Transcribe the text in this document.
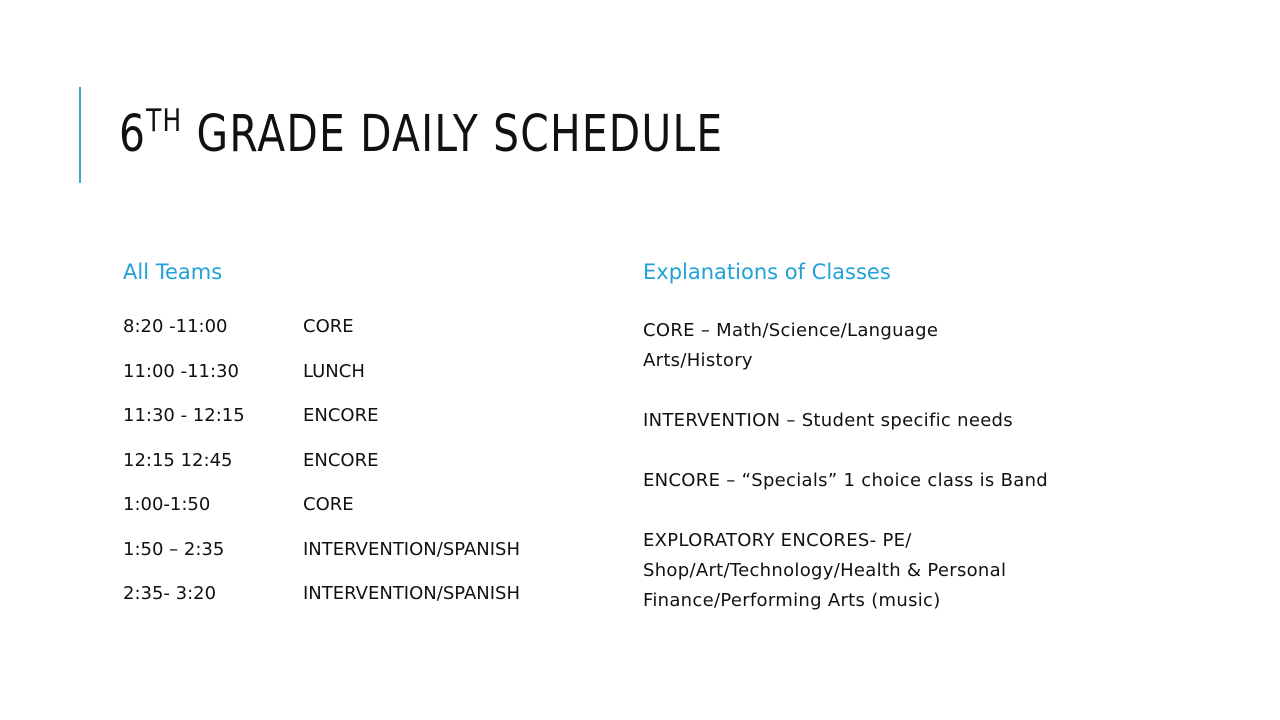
6TH GRADE DAILY SCHEDULE
All Teams	Explanations of Classes
8:20 -11:00	CORE
11:00 -11:30	LUNCH
11:30 - 12:15	ENCORE
12:15 12:45	ENCORE
1:00-1:50	CORE
1:50 – 2:35	INTERVENTION/SPANISH
2:35- 3:20	INTERVENTION/SPANISH

CORE – Math/Science/Language
Arts/History

INTERVENTION – Student specific needs

ENCORE – “Specials” 1 choice class is Band

EXPLORATORY ENCORES- PE/
Shop/Art/Technology/Health & Personal
Finance/Performing Arts (music)
